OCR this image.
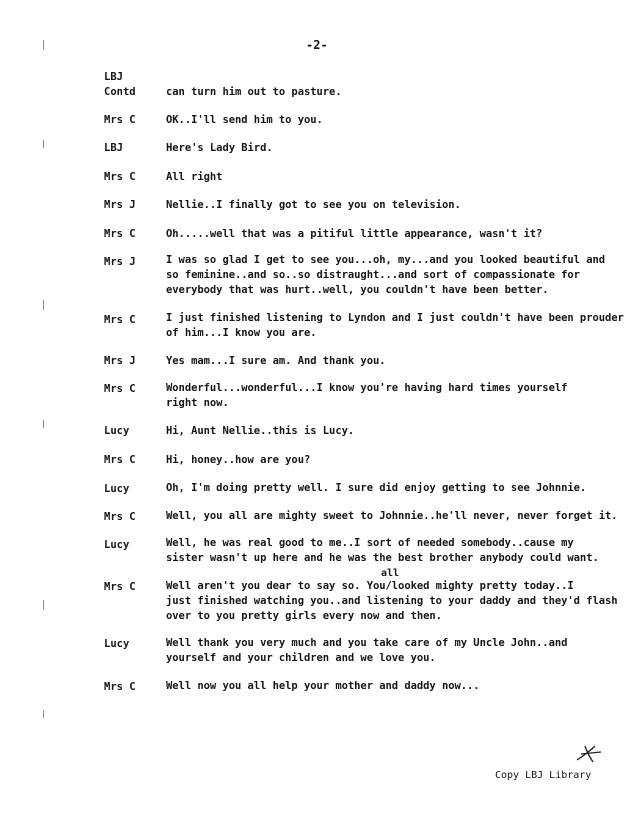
-2-
LBJ
Contd	can turn him out to pasture.
Mrs C	OK..I'll send him to you.
LBJ	Here's Lady Bird.
Mrs C	All right
Mrs J	Nellie..I finally got to see you on television.
Mrs C	Oh.....well that was a pitiful little appearance, wasn't it?
Mrs J	I was so glad I get to see you...oh, my...and you looked beautiful and
so feminine..and so..so distraught...and sort of compassionate for
everybody that was hurt..well, you couldn't have been better.
Mrs C	I just finished listening to Lyndon and I just couldn't have been prouder
of him...I know you are.
Mrs J	Yes mam...I sure am. And thank you.
Mrs C	Wonderful...wonderful...I know you're having hard times yourself
right now.
Lucy	Hi, Aunt Nellie..this is Lucy.
Mrs C	Hi, honey..how are you?
Lucy	Oh, I'm doing pretty well. I sure did enjoy getting to see Johnnie.
Mrs C	Well, you all are mighty sweet to Johnnie..he'll never, never forget it.
Lucy	Well, he was real good to me..I sort of needed somebody..cause my
sister wasn't up here and he was the best brother anybody could want.
all
Mrs C	Well aren't you dear to say so. You/looked mighty pretty today..I
just finished watching you..and listening to your daddy and they'd flash
over to you pretty girls every now and then.
Lucy	Well thank you very much and you take care of my Uncle John..and
yourself and your children and we love you.
Mrs C	Well now you all help your mother and daddy now...
Copy LBJ Library
